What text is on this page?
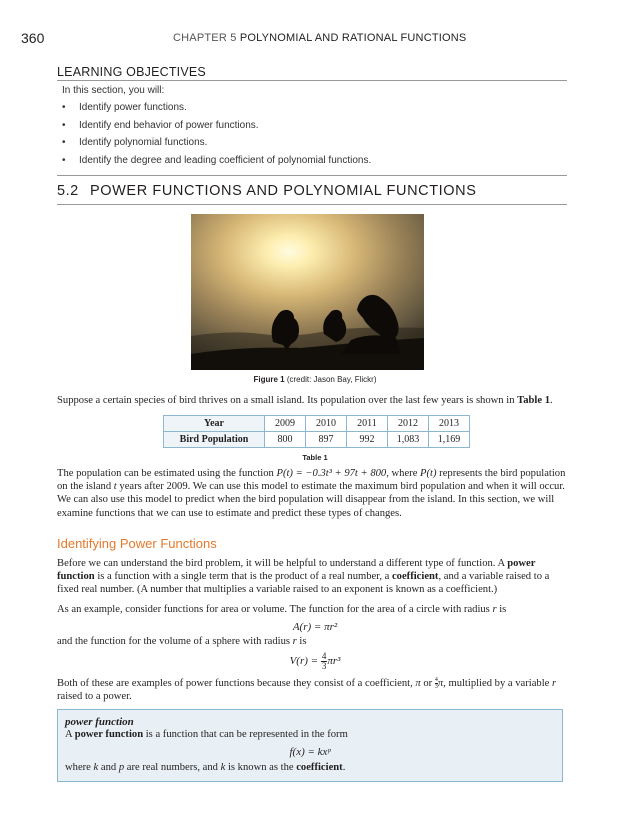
360	CHAPTER 5 POLYNOMIAL AND RATIONAL FUNCTIONS
LEARNING OBJECTIVES
In this section, you will:
• Identify power functions.
• Identify end behavior of power functions.
• Identify polynomial functions.
• Identify the degree and leading coefficient of polynomial functions.
5.2 POWER FUNCTIONS AND POLYNOMIAL FUNCTIONS
Figure 1 (credit: Jason Bay, Flickr)
Suppose a certain species of bird thrives on a small island. Its population over the last few years is shown in Table 1.
Year	2009	2010	2011	2012	2013
Bird Population	800	897	992	1,083	1,169
Table 1
The population can be estimated using the function P(t) = −0.3t³ + 97t + 800, where P(t) represents the bird population on the island t years after 2009. We can use this model to estimate the maximum bird population and when it will occur. We can also use this model to predict when the bird population will disappear from the island. In this section, we will examine functions that we can use to estimate and predict these types of changes.
Identifying Power Functions
Before we can understand the bird problem, it will be helpful to understand a different type of function. A power function is a function with a single term that is the product of a real number, a coefficient, and a variable raised to a fixed real number. (A number that multiplies a variable raised to an exponent is known as a coefficient.)
As an example, consider functions for area or volume. The function for the area of a circle with radius r is
A(r) = πr²
and the function for the volume of a sphere with radius r is
$V(r) = \frac{4}{3} \pi r^3$
Both of these are examples of power functions because they consist of a coefficient, π or $\frac{4}{3} \pi$, multiplied by a variable r raised to a power.
power function
A power function is a function that can be represented in the form
f(x) = kxᵖ
where k and p are real numbers, and k is known as the coefficient.
